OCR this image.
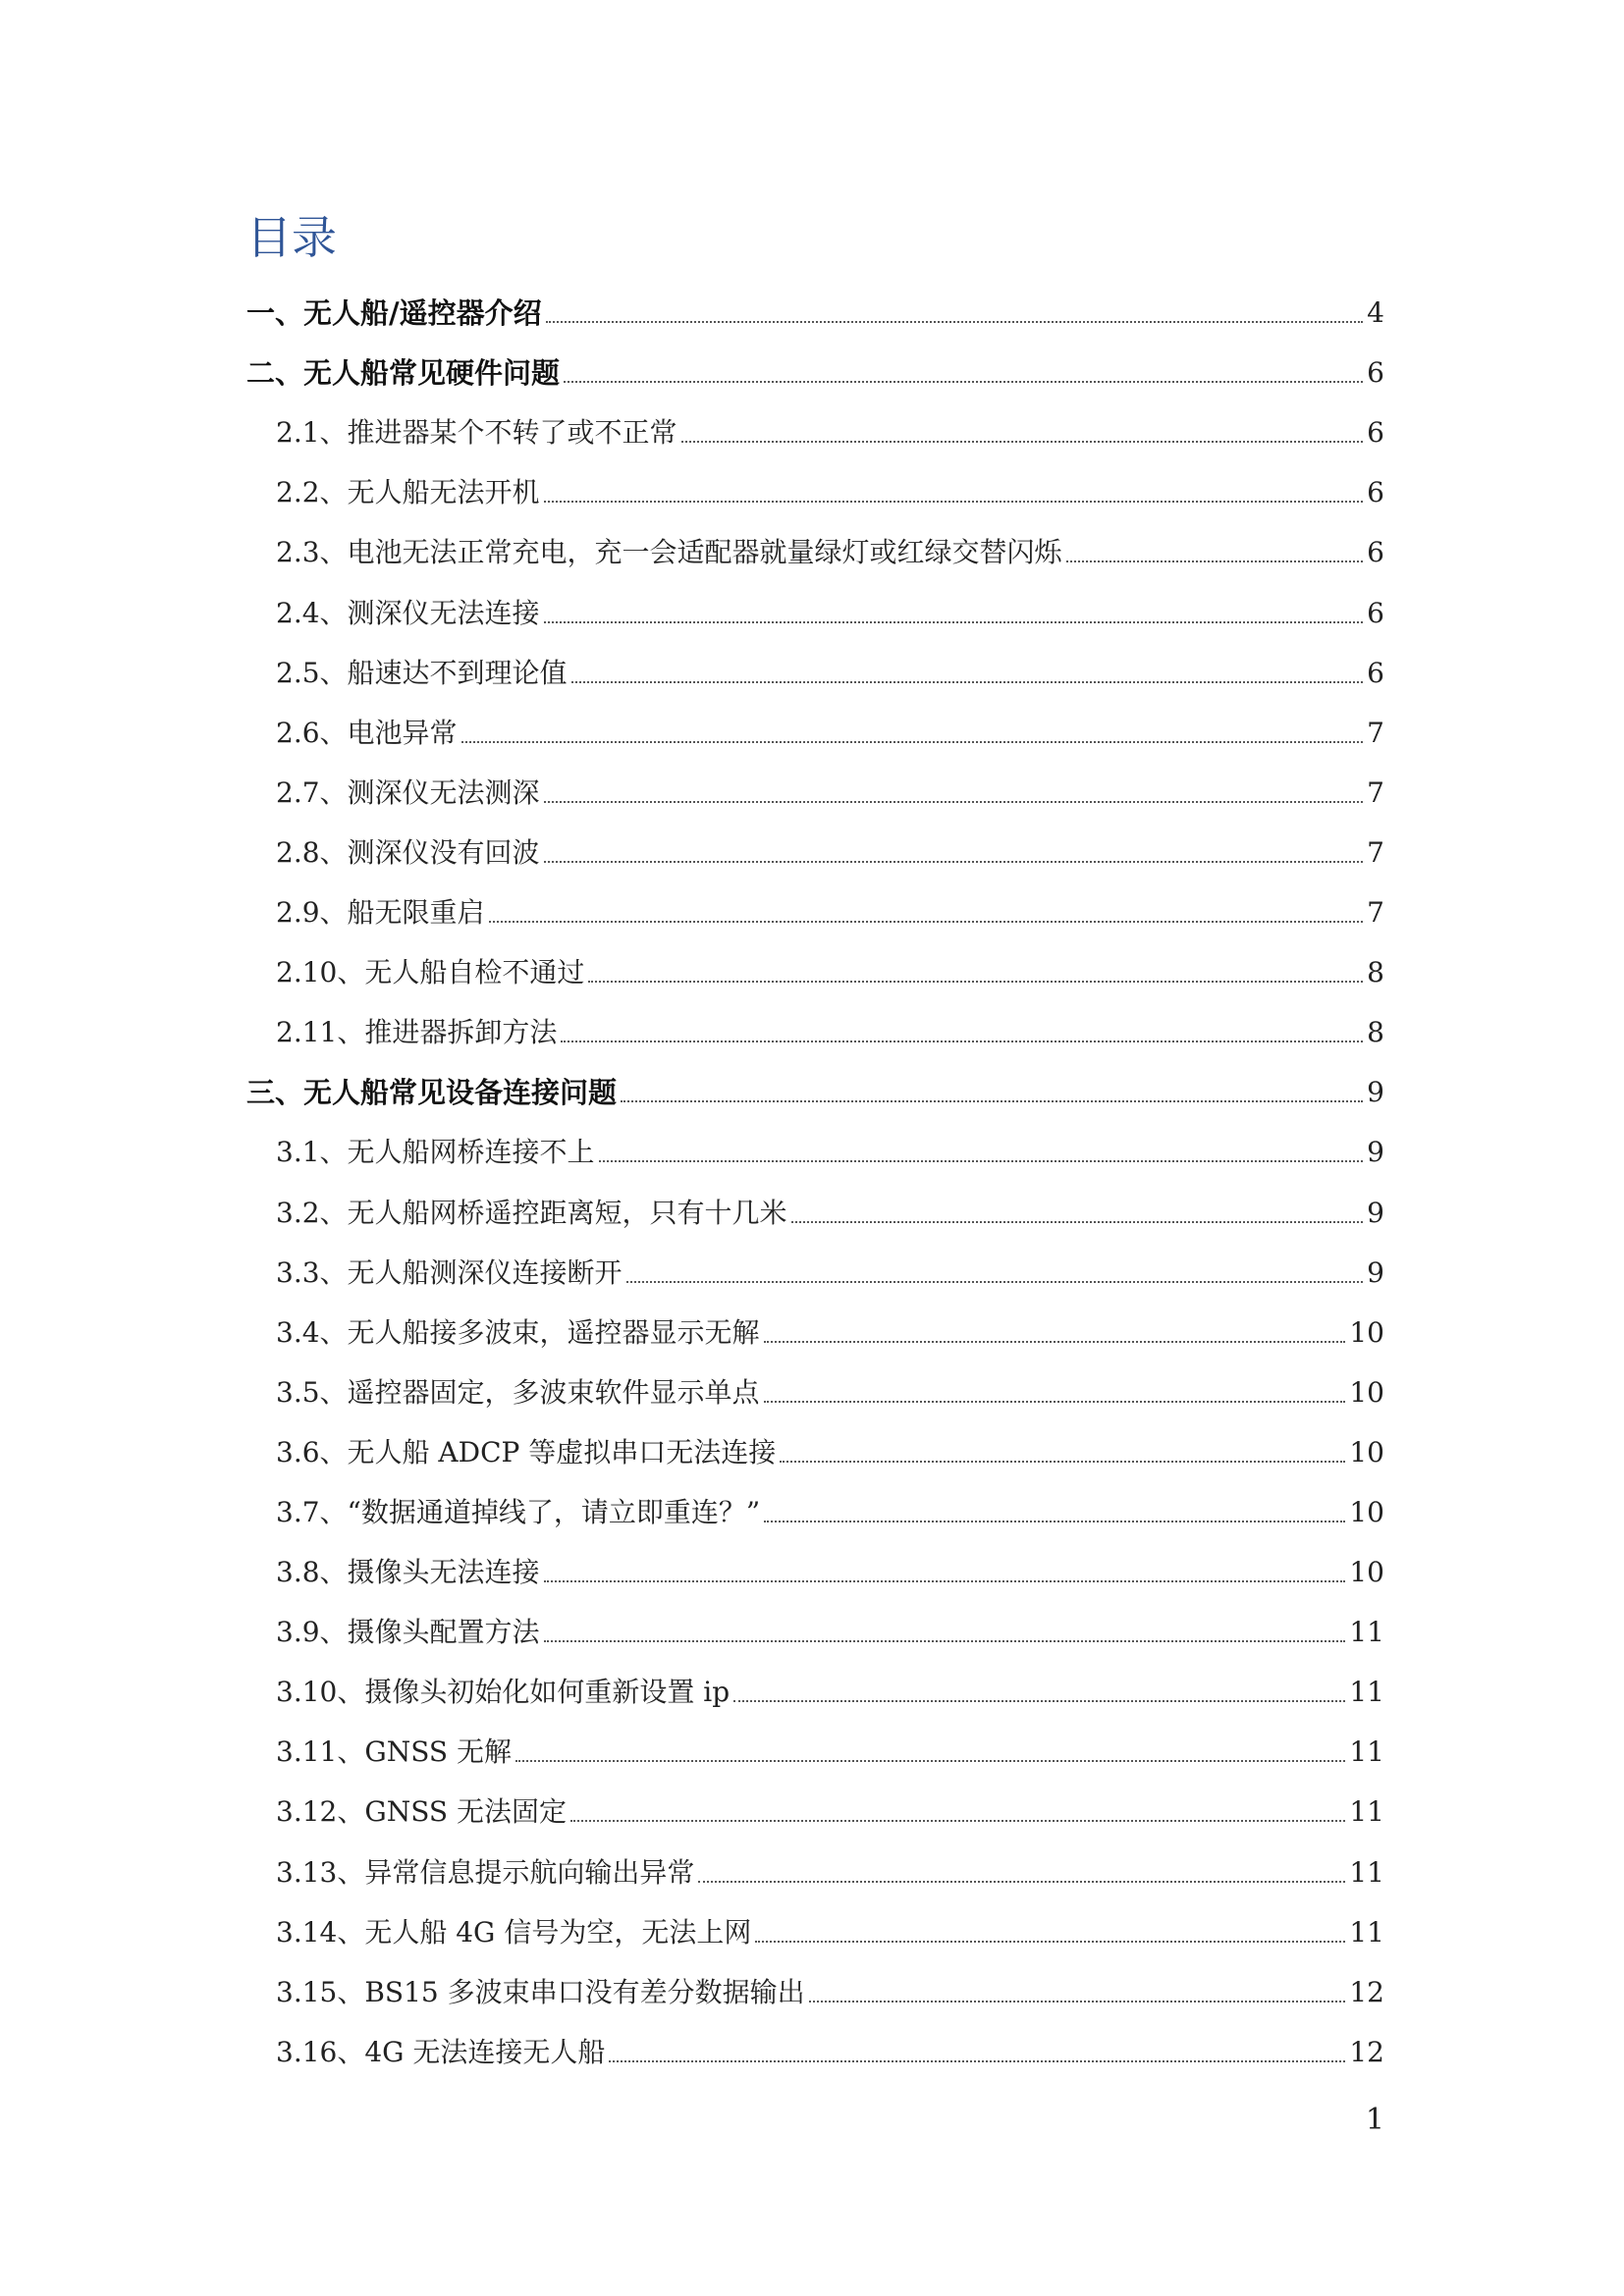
目录
一、无人船/遥控器介绍	4
二、无人船常见硬件问题	6
2.1、推进器某个不转了或不正常	6
2.2、无人船无法开机	6
2.3、电池无法正常充电，充一会适配器就量绿灯或红绿交替闪烁	6
2.4、测深仪无法连接	6
2.5、船速达不到理论值	6
2.6、电池异常	7
2.7、测深仪无法测深	7
2.8、测深仪没有回波	7
2.9、船无限重启	7
2.10、无人船自检不通过	8
2.11、推进器拆卸方法	8
三、无人船常见设备连接问题	9
3.1、无人船网桥连接不上	9
3.2、无人船网桥遥控距离短，只有十几米	9
3.3、无人船测深仪连接断开	9
3.4、无人船接多波束，遥控器显示无解	10
3.5、遥控器固定，多波束软件显示单点	10
3.6、无人船 ADCP 等虚拟串口无法连接	10
3.7、“数据通道掉线了，请立即重连？”	10
3.8、摄像头无法连接	10
3.9、摄像头配置方法	11
3.10、摄像头初始化如何重新设置 ip	11
3.11、GNSS 无解	11
3.12、GNSS 无法固定	11
3.13、异常信息提示航向输出异常	11
3.14、无人船 4G 信号为空，无法上网	11
3.15、BS15 多波束串口没有差分数据输出	12
3.16、4G 无法连接无人船	12
1
